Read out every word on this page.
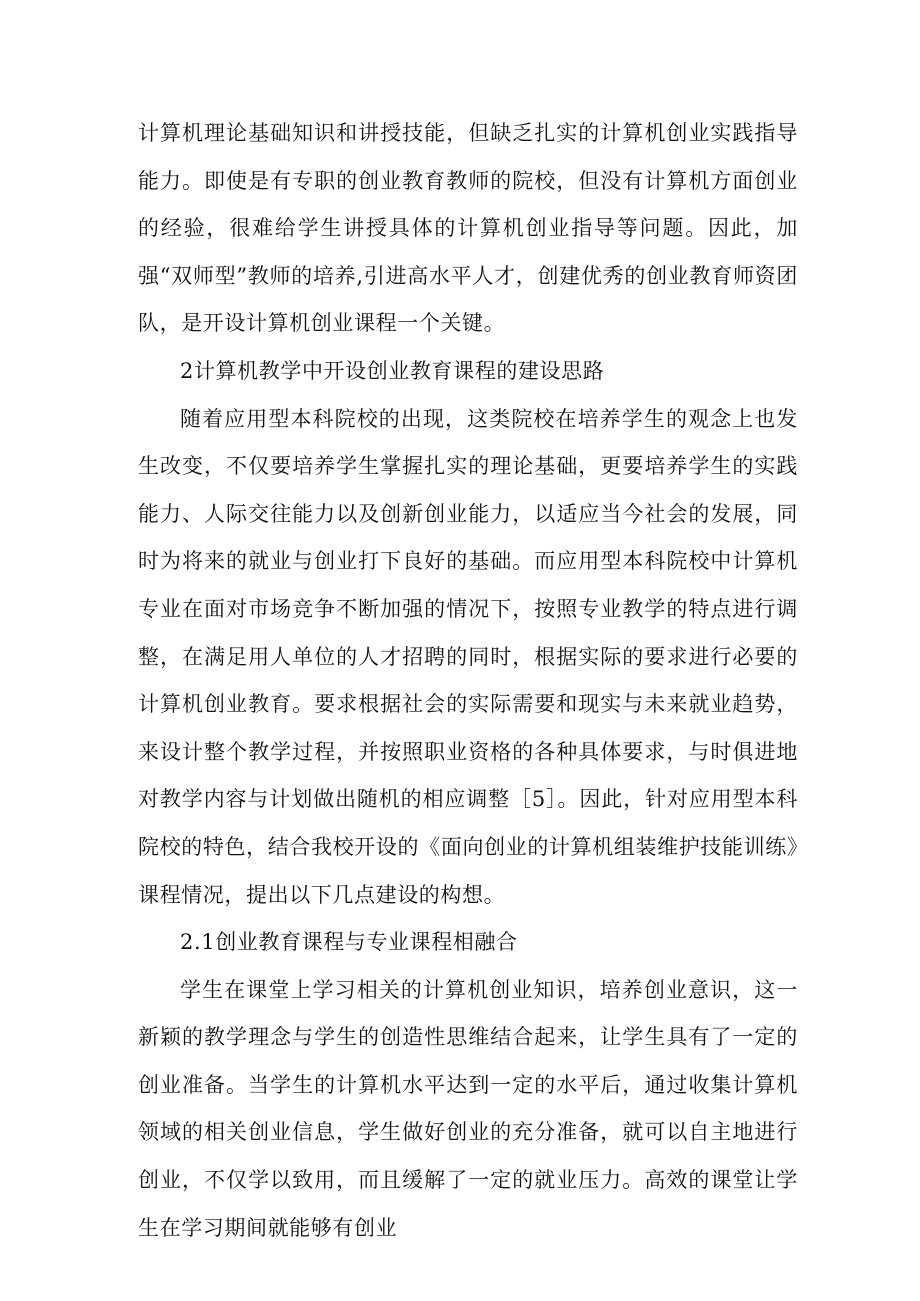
计算机理论基础知识和讲授技能，但缺乏扎实的计算机创业实践指导能力。即使是有专职的创业教育教师的院校，但没有计算机方面创业的经验，很难给学生讲授具体的计算机创业指导等问题。因此，加强“双师型”教师的培养,引进高水平人才，创建优秀的创业教育师资团队，是开设计算机创业课程一个关键。

2计算机教学中开设创业教育课程的建设思路

随着应用型本科院校的出现，这类院校在培养学生的观念上也发生改变，不仅要培养学生掌握扎实的理论基础，更要培养学生的实践能力、人际交往能力以及创新创业能力，以适应当今社会的发展，同时为将来的就业与创业打下良好的基础。而应用型本科院校中计算机专业在面对市场竞争不断加强的情况下，按照专业教学的特点进行调整，在满足用人单位的人才招聘的同时，根据实际的要求进行必要的计算机创业教育。要求根据社会的实际需要和现实与未来就业趋势，来设计整个教学过程，并按照职业资格的各种具体要求，与时俱进地对教学内容与计划做出随机的相应调整［5］。因此，针对应用型本科院校的特色，结合我校开设的《面向创业的计算机组装维护技能训练》课程情况，提出以下几点建设的构想。

2.1创业教育课程与专业课程相融合

学生在课堂上学习相关的计算机创业知识，培养创业意识，这一新颖的教学理念与学生的创造性思维结合起来，让学生具有了一定的创业准备。当学生的计算机水平达到一定的水平后，通过收集计算机领域的相关创业信息，学生做好创业的充分准备，就可以自主地进行创业，不仅学以致用，而且缓解了一定的就业压力。高效的课堂让学生在学习期间就能够有创业
